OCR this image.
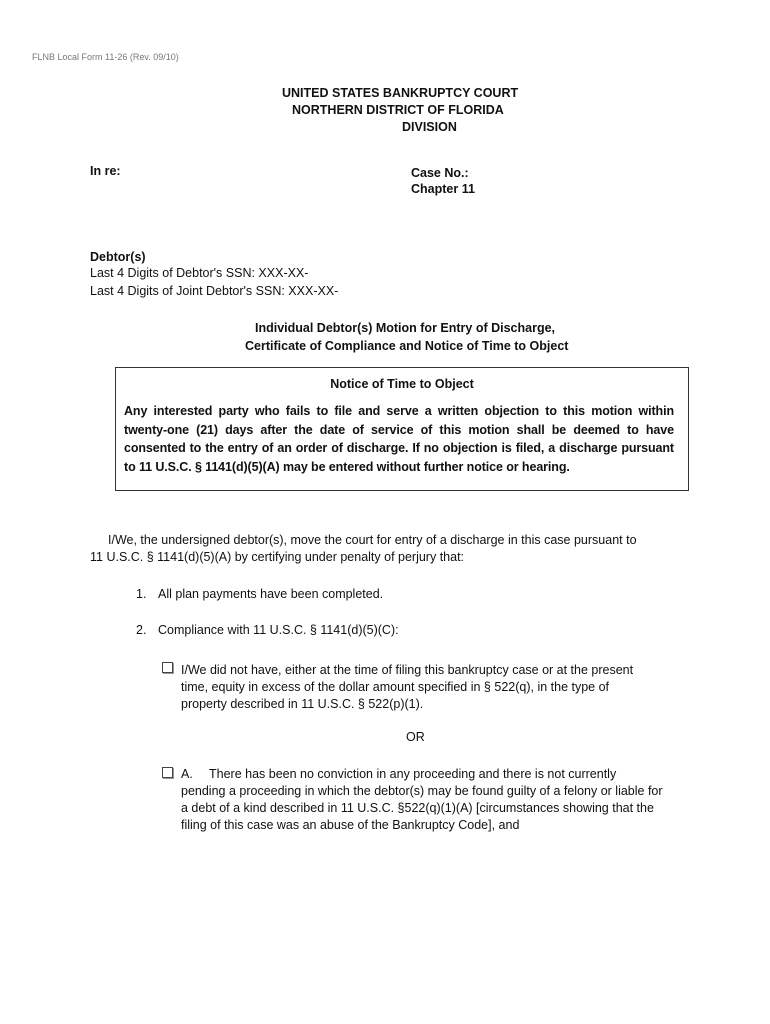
FLNB Local Form 11-26 (Rev. 09/10)
UNITED STATES BANKRUPTCY COURT
NORTHERN DISTRICT OF FLORIDA
DIVISION
In re:	Case No.:
Chapter 11
Debtor(s)
Last 4 Digits of Debtor's SSN: XXX-XX-
Last 4 Digits of Joint Debtor's SSN: XXX-XX-
Individual Debtor(s) Motion for Entry of Discharge,
Certificate of Compliance and Notice of Time to Object
Notice of Time to Object
Any interested party who fails to file and serve a written objection to this motion within twenty-one (21) days after the date of service of this motion shall be deemed to have consented to the entry of an order of discharge. If no objection is filed, a discharge pursuant to 11 U.S.C. § 1141(d)(5)(A) may be entered without further notice or hearing.
I/We, the undersigned debtor(s), move the court for entry of a discharge in this case pursuant to
11 U.S.C. § 1141(d)(5)(A) by certifying under penalty of perjury that:
1. All plan payments have been completed.
2. Compliance with 11 U.S.C. § 1141(d)(5)(C):
I/We did not have, either at the time of filing this bankruptcy case or at the present
time, equity in excess of the dollar amount specified in § 522(q), in the type of
property described in 11 U.S.C. § 522(p)(1).
OR
A. There has been no conviction in any proceeding and there is not currently
pending a proceeding in which the debtor(s) may be found guilty of a felony or liable for
a debt of a kind described in 11 U.S.C. §522(q)(1)(A) [circumstances showing that the
filing of this case was an abuse of the Bankruptcy Code], and
